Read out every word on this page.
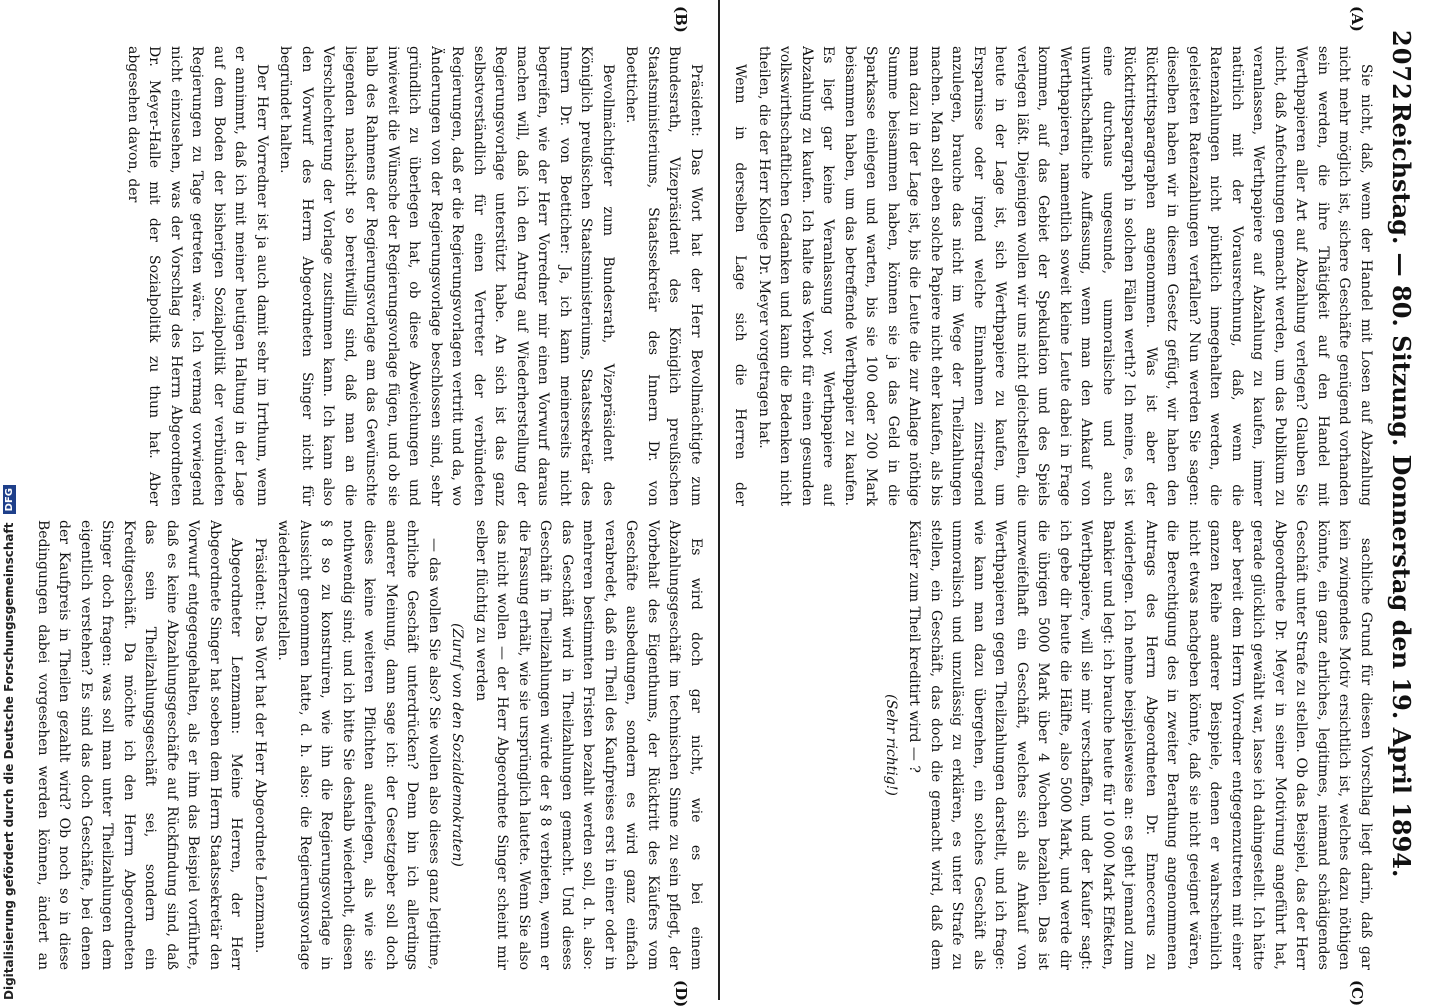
2072
Reichstag. — 80. Sitzung. Donnerstag den 19. April 1894.
(A)
(B)
(C)
(D)

Sie nicht, daß, wenn der Handel mit Losen auf Abzahlung nicht mehr möglich ist, sichere Geschäfte genügend vorhanden sein werden, die ihre Thätigkeit auf den Handel mit Werthpapieren aller Art auf Abzahlung verlegen? Glauben Sie nicht, daß Anfechtungen gemacht werden, um das Publikum zu veranlassen, Werthpapiere auf Abzahlung zu kaufen, immer natürlich mit der Vorausrechnung, daß, wenn die Ratenzahlungen nicht pünktlich innegehalten werden, die geleisteten Ratenzahlungen verfallen? Nun werden Sie sagen: dieselben haben wir in diesem Gesetz gefügt, wir haben den Rücktrittsparagraphen angenommen. Was ist aber der Rücktrittsparagraph in solchen Fällen werth? Ich meine, es ist eine durchaus ungesunde, unmoralische und auch unwirthschaftliche Auffassung, wenn man den Ankauf von Werthpapieren, namentlich soweit kleine Leute dabei in Frage kommen, auf das Gebiet der Spekulation und des Spiels verlegen läßt. Diejenigen wollen wir uns nicht gleichstellen, die heute in der Lage ist, sich Werthpapiere zu kaufen, um Ersparnisse oder irgend welche Einnahmen zinstragend anzulegen, brauche das nicht im Wege der Theilzahlungen machen. Man soll eben solche Papiere nicht eher kaufen, als bis man dazu in der Lage ist, bis die Leute die zur Anlage nöthige Summe beisammen haben, können sie ja das Geld in die Sparkasse einlegen und warten, bis sie 100 oder 200 Mark beisammen haben, um das betreffende Werthpapier zu kaufen. Es liegt gar keine Veranlassung vor, Werthpapiere auf Abzahlung zu kaufen. Ich halte das Verbot für einen gesunden volkswirthschaftlichen Gedanken und kann die Bedenken nicht theilen, die der Herr Kollege Dr. Meyer vorgetragen hat.

Wenn in derselben Lage sich die Herren der

sachliche Grund für diesen Vorschlag liegt darin, daß gar kein zwingendes Motiv ersichtlich ist, welches dazu nöthigen könnte, ein ganz ehrliches, legitimes, niemand schädigendes Geschäft unter Strafe zu stellen. Ob das Beispiel, das der Herr Abgeordnete Dr. Meyer in seiner Motivirung angeführt hat, gerade glücklich gewählt war, lasse ich dahingestellt. Ich hätte aber bereit dem Herrn Vorredner entgegenzutreten mit einer ganzen Reihe anderer Beispiele, denen er wahrscheinlich nicht etwas nachgeben könnte, daß sie nicht geeignet wären, die Berechtigung des in zweiter Berathung angenommenen Antrags des Herrn Abgeordneten Dr. Enneccerus zu widerlegen. Ich nehme beispielsweise an: es geht jemand zum Bankier und legt: ich brauche heute für 10 000 Mark Effekten, Werthpapiere, will sie mir verschaffen, und der Kaufer sagt: ich gebe dir heute die Hälfte, also 5000 Mark, und werde dir die übrigen 5000 Mark über 4 Wochen bezahlen. Das ist unzweifelhaft ein Geschäft, welches sich als Ankauf von Werthpapieren gegen Theilzahlungen darstellt, und ich frage: wie kann man dazu übergehen, ein solches Geschäft als unmoralisch und unzulässig zu erklären, es unter Strafe zu stellen, ein Geschäft, das doch die gemacht wird, daß dem Käufer zum Theil kreditirt wird — ?

(Sehr richtig!)

Präsident: Das Wort hat der Herr Bevollmächtigte zum Bundesrath, Vizepräsident des Königlich preußischen Staatsministeriums, Staatssekretär des Innern Dr. von Boetticher.

Bevollmächtigter zum Bundesrath, Vizepräsident des Königlich preußischen Staatsministeriums, Staatssekretär des Innern Dr. von Boetticher: Ja, ich kann meinerseits nicht begreifen, wie der Herr Vorredner mir einen Vorwurf daraus machen will, daß ich den Antrag auf Wiederherstellung der Regierungsvorlage unterstützt habe. An sich ist das ganz selbstverständlich für einen Vertreter der verbündeten Regierungen, daß er die Regierungsvorlagen vertritt und da, wo Änderungen von der Regierungsvorlage beschlossen sind, sehr gründlich zu überlegen hat, ob diese Abweichungen und inwieweit die Wünsche der Regierungsvorlage fügen, und ob sie halb des Rahmens der Regierungsvorlage am das Gewünschte liegenden nachsicht so bereitwillig sind, daß man an die Verschlechterung der Vorlage zustimmen kann. Ich kann also den Vorwurf des Herrn Abgeordneten Singer nicht für begründet halten.

Der Herr Vorredner ist ja auch damit sehr im Irrthum, wenn er annimmt, daß ich mit meiner heutigen Haltung in der Lage auf dem Boden der bisherigen Sozialpolitik der verbündeten Regierungen zu Tage getreten wäre. Ich vermag vorwiegend nicht einzusehen, was der Vorschlag des Herrn Abgeordneten Dr. Meyer-Halle mit der Sozialpolitik zu thun hat. Aber abgesehen davon, der

Es wird doch gar nicht, wie es bei einem Abzahlungsgeschäft im technischen Sinne zu sein pflegt, der Vorbehalt des Eigenthums, der Rücktritt des Käufers vom Geschäfte ausbedungen, sondern es wird ganz einfach verabredet, daß ein Theil des Kaufpreises erst in einer oder in mehreren bestimmten Fristen bezahlt werden soll, d. h. also: das Geschäft wird in Theilzahlungen gemacht. Und dieses Geschäft in Theilzahlungen würde der § 8 verbieten, wenn er die Fassung erhält, wie sie ursprünglich lautete. Wenn Sie also das nicht wollen — der Herr Abgeordnete Singer scheint mir selber flüchtig zu werden

(Zuruf von den Sozialdemokraten)

— das wollen Sie also? Sie wollen also dieses ganz legitime, ehrliche Geschäft unterdrücken? Denn bin ich allerdings anderer Meinung, dann sage ich: der Gesetzgeber soll doch dieses keine weiteren Pflichten auferlegen, als wie sie nothwendig sind; und ich bitte Sie deshalb wiederholt, diesen § 8 so zu konstruiren, wie ihn die Regierungsvorlage in Aussicht genommen hatte, d. h. also: die Regierungsvorlage wiederherzustellen.

Präsident: Das Wort hat der Herr Abgeordnete Lenzmann.

Abgeordneter Lenzmann: Meine Herren, der Herr Abgeordnete Singer hat soeben dem Herrn Staatssekretär den Vorwurf entgegengehalten, als er ihm das Beispiel vorführte, daß es keine Abzahlungsgeschäfte auf Rückfindung sind, daß das sein Theilzahlungsgeschäft sei, sondern ein Kreditgeschäft. Da möchte ich den Herrn Abgeordneten Singer doch fragen: was soll man unter Theilzahlungen dem eigentlich verstehen? Es sind das doch Geschäfte, bei denen der Kaufpreis in Theilen gezahlt wird? Ob noch so in diese Bedingungen dabei vorgesehen werden können, ändert an

Digitalisierung gefördert durch die Deutsche Forschungsgemeinschaft DFG
